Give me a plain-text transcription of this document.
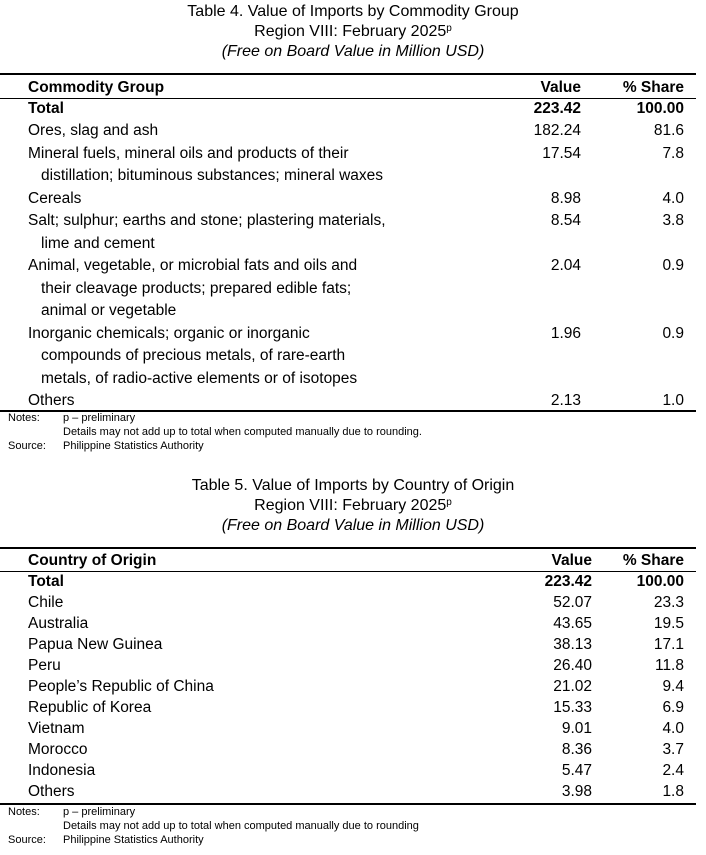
Table 4. Value of Imports by Commodity Group
Region VIII: February 2025$^p$
(Free on Board Value in Million USD)
Commodity Group	Value	% Share
Total	223.42	100.00
Ores, slag and ash	182.24	81.6
Mineral fuels, mineral oils and products of their
distillation; bituminous substances; mineral waxes
17.54	7.8
Cereals	8.98	4.0
Salt; sulphur; earths and stone; plastering materials,
lime and cement
8.54	3.8
Animal, vegetable, or microbial fats and oils and
their cleavage products; prepared edible fats;
animal or vegetable
2.04	0.9
Inorganic chemicals; organic or inorganic
compounds of precious metals, of rare-earth
metals, of radio-active elements or of isotopes
1.96	0.9
Others	2.13	1.0
Notes: p – preliminary
Details may not add up to total when computed manually due to rounding.
Source: Philippine Statistics Authority
Table 5. Value of Imports by Country of Origin
Region VIII: February 2025$^p$
(Free on Board Value in Million USD)
Country of Origin	Value % Share
Total	223.42	100.00
Chile	52.07	23.3
Australia	43.65	19.5
Papua New Guinea	38.13	17.1
Peru	26.40	11.8
People’s Republic of China	21.02	9.4
Republic of Korea	15.33	6.9
Vietnam	9.01	4.0
Morocco	8.36	3.7
Indonesia	5.47	2.4
Others	3.98	1.8
Notes: p – preliminary
Details may not add up to total when computed manually due to rounding
Source: Philippine Statistics Authority
